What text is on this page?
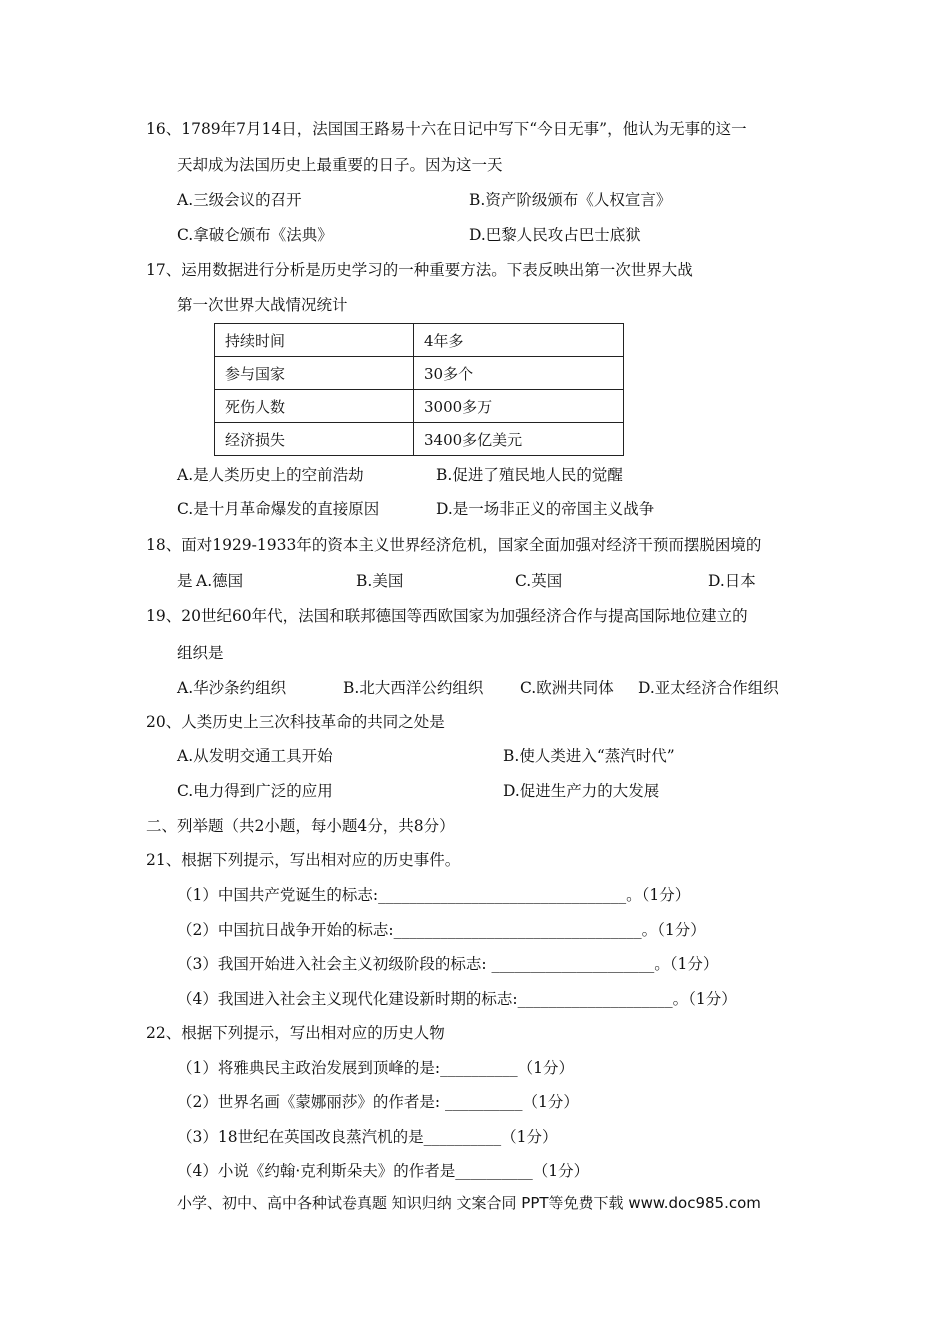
16、1789年7月14日，法国国王路易十六在日记中写下“今日无事”，他认为无事的这一
天却成为法国历史上最重要的日子。因为这一天
A.三级会议的召开	B.资产阶级颁布《人权宣言》
C.拿破仑颁布《法典》	D.巴黎人民攻占巴士底狱
17、运用数据进行分析是历史学习的一种重要方法。下表反映出第一次世界大战
第一次世界大战情况统计
持续时间	4年多
参与国家	30多个
死伤人数	3000多万
经济损失	3400多亿美元
A.是人类历史上的空前浩劫	B.促进了殖民地人民的觉醒
C.是十月革命爆发的直接原因	D.是一场非正义的帝国主义战争
18、面对1929-1933年的资本主义世界经济危机，国家全面加强对经济干预而摆脱困境的
是 A.德国	B.美国	C.英国	D.日本
19、20世纪60年代，法国和联邦德国等西欧国家为加强经济合作与提高国际地位建立的
组织是
A.华沙条约组织	B.北大西洋公约组织 C.欧洲共同体 D.亚太经济合作组织
20、人类历史上三次科技革命的共同之处是
A.从发明交通工具开始	B.使人类进入“蒸汽时代”
C.电力得到广泛的应用	D.促进生产力的大发展
二、列举题（共2小题，每小题4分，共8分）
21、根据下列提示，写出相对应的历史事件。
（1）中国共产党诞生的标志:________________________________。（1分）
（2）中国抗日战争开始的标志:________________________________。（1分）
（3）我国开始进入社会主义初级阶段的标志: _____________________。（1分）
（4）我国进入社会主义现代化建设新时期的标志:____________________。（1分）
22、根据下列提示，写出相对应的历史人物
（1）将雅典民主政治发展到顶峰的是:__________（1分）
（2）世界名画《蒙娜丽莎》的作者是: __________（1分）
（3）18世纪在英国改良蒸汽机的是__________（1分）
（4）小说《约翰·克利斯朵夫》的作者是__________（1分）
小学、初中、高中各种试卷真题 知识归纳 文案合同 PPT等免费下载 www.doc985.com
